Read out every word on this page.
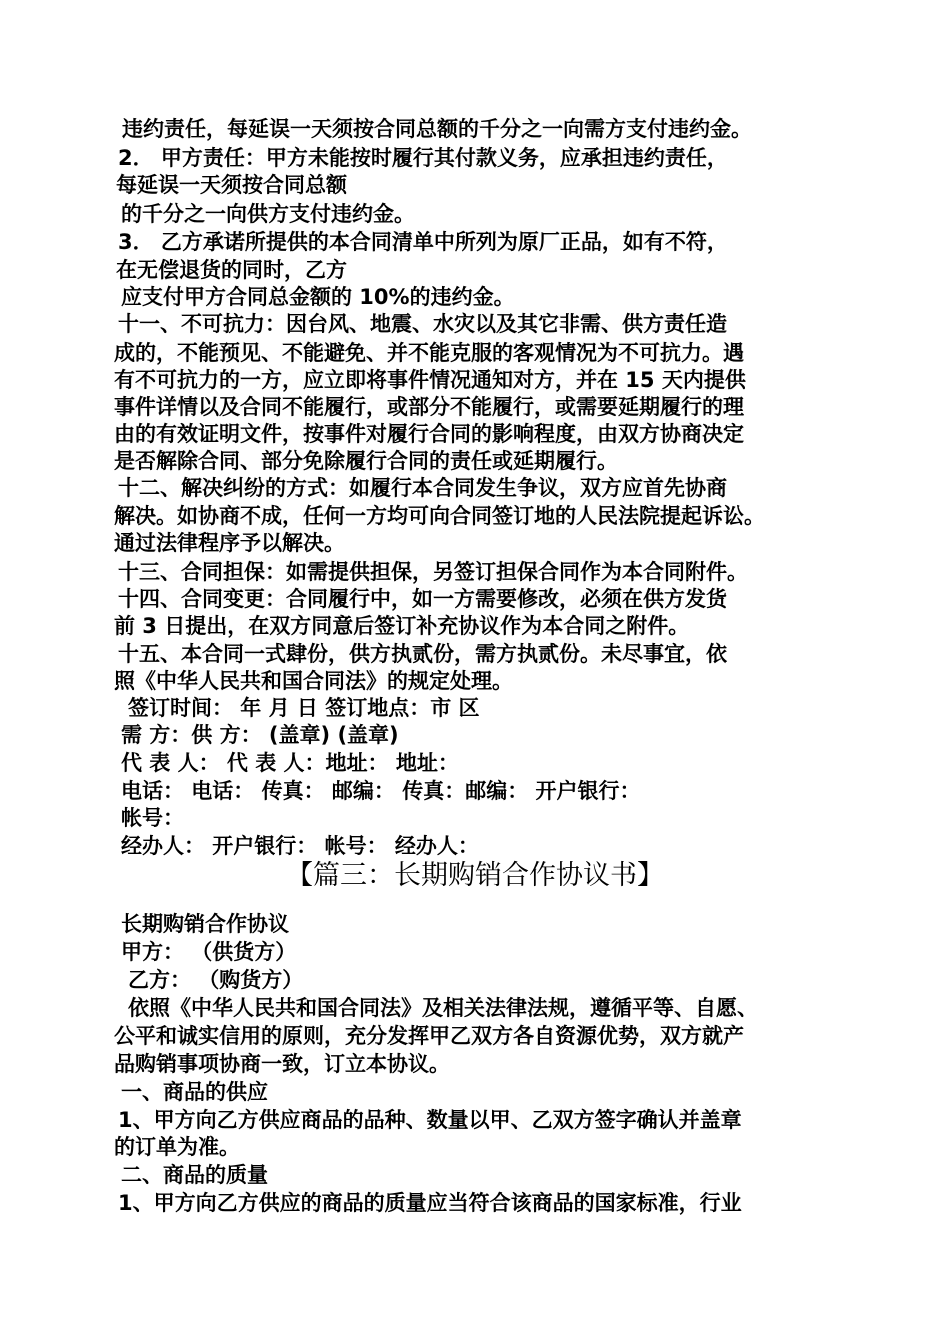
违约责任，每延误一天须按合同总额的千分之一向需方支付违约金。
2． 甲方责任：甲方未能按时履行其付款义务，应承担违约责任，
每延误一天须按合同总额
的千分之一向供方支付违约金。
3． 乙方承诺所提供的本合同清单中所列为原厂正品，如有不符，
在无偿退货的同时，乙方
应支付甲方合同总金额的 10%的违约金。
十一、不可抗力：因台风、地震、水灾以及其它非需、供方责任造
成的，不能预见、不能避免、并不能克服的客观情况为不可抗力。遇
有不可抗力的一方，应立即将事件情况通知对方，并在 15 天内提供
事件详情以及合同不能履行，或部分不能履行，或需要延期履行的理
由的有效证明文件，按事件对履行合同的影响程度，由双方协商决定
是否解除合同、部分免除履行合同的责任或延期履行。
十二、解决纠纷的方式：如履行本合同发生争议，双方应首先协商
解决。如协商不成，任何一方均可向合同签订地的人民法院提起诉讼。
通过法律程序予以解决。
十三、合同担保：如需提供担保，另签订担保合同作为本合同附件。
十四、合同变更：合同履行中，如一方需要修改，必须在供方发货
前 3 日提出，在双方同意后签订补充协议作为本合同之附件。
十五、本合同一式肆份，供方执贰份，需方执贰份。未尽事宜，依
照《中华人民共和国合同法》的规定处理。
签订时间： 年 月 日 签订地点：市 区
需 方：供 方： (盖章) (盖章)
代 表 人： 代 表 人：地址： 地址：
电话： 电话： 传真： 邮编： 传真：邮编： 开户银行：
帐号：
经办人： 开户银行： 帐号： 经办人：
【篇三：长期购销合作协议书】
长期购销合作协议
甲方： （供货方）
乙方： （购货方）
依照《中华人民共和国合同法》及相关法律法规，遵循平等、自愿、
公平和诚实信用的原则，充分发挥甲乙双方各自资源优势，双方就产
品购销事项协商一致，订立本协议。
一、商品的供应
1、甲方向乙方供应商品的品种、数量以甲、乙双方签字确认并盖章
的订单为准。
二、商品的质量
1、甲方向乙方供应的商品的质量应当符合该商品的国家标准，行业
